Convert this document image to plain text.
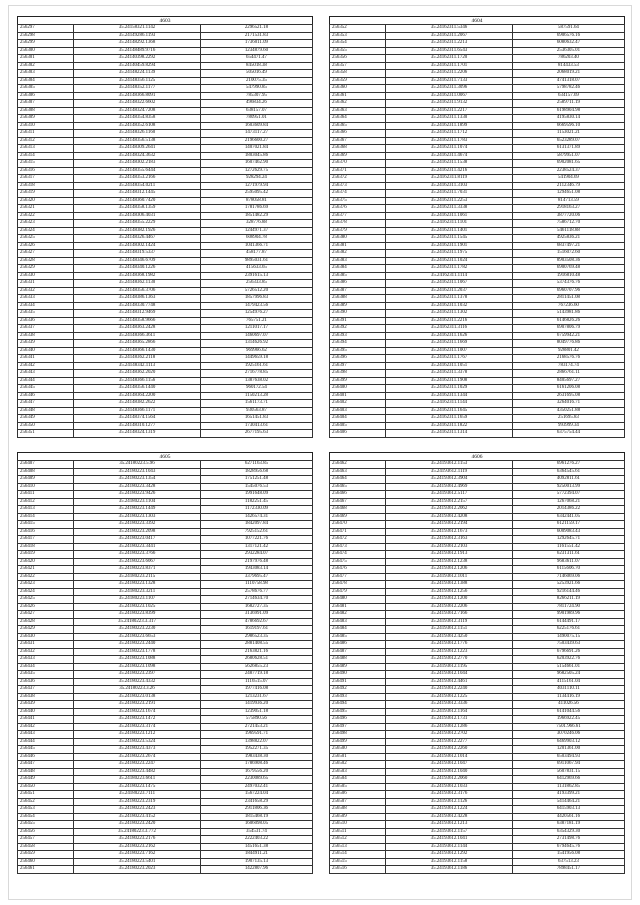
4603
256297	35.24158321.1142	2296521.18
256298	35.24149286.1193	2171531.83
256299	35.24148292.1368	1736011.09
256300	35.24148489.9716	1234879.60
256301	35.24140398.2292	654471.47
256302	35.24140459.8294	845018.38
256303	35.24148224.1139	505016.49
256304	35.24148356.1125	210075.35
256305	35.24148352.1177	547990.85
256306	35.24148366.8091	785307.95
256307	35.24148322.6602	496834.26
256308	35.24148324.7208	638157.07
256309	35.24148354.8358	780951.01
256310	35.24148352.6108	1603609.84
256311	35.24148326.1160	1473117.27
256312	35.24148356.5138	2196600.27
256313	35.24148309.2641	1407021.84
256314	35.24148324.3632	1803045.86
256315	35.24148302.2183	1607462.90
256316	35.24148355.6444	1272629.75
256317	35.24148353.2166	928294.24
256318	35.24148354.0211	1271979.94
256319	35.24148312.1445	2595095.42
256320	35.24148360.7420	878058.81
256321	35.24148358.1359	1781786.69
256322	35.24148306.4031	1851482.29
256323	35.24148355.2229	328776.88
256324	35.24148382.1926	1244971.37
256325	35.24148326.4467	608904.78
256326	35.24148302.1424	1041366.71
256327	35.24148319.5337	458177.87
256328	35.24148346.6709	9895031.61
256329	35.24148340.1226	415633.65
256330	35.24148368.1982	2391615.13
256331	35.24148362.1130	256333.85
256332	35.24148356.3706	5726512.20
256333	35.24148386.1363	1857996.83
256334	35.24148330.7748	1479423.56
256335	35.24148312.9469	1254976.27
256336	35.24148358.9666	765751.21
256337	35.24148363.2428	1211017.17
256338	35.24148366.3611	1460697.07
256339	35.24148365.2866	1314626.92
256340	35.24148366.1430	969966.62
256341	35.24148362.2118	1449659.18
256342	35.24148342.1113	1925161.61
256343	35.24148362.2020	2716778.85
256344	35.24148366.1156	1387638.02
256345	35.24148356.1440	960172.54
256346	35.24148364.2200	1150213.28
256347	35.24148382.2622	1561173.71
256348	35.24148366.1171	930563.87
256349	35.24148374.1564	1651451.83
256350	35.24148310.1277	1730413.61
256351	35.24148324.1319	2677195.63
4604
256352	35.24162311.5346	587591.64
256353	35.24162311.2067	6906576.16
256354	35.24162311.2213	6080632.47
256355	35.24162311.6543	2536305.01
256356	35.24162311.1720	786203.40
256357	35.24162311.1701	814433.53
256358	35.24162311.2206	2068019.21
256359	35.24162311.7133	4741318.07
256360	35.24162311.3096	5798782.46
256361	35.24162311.0067	634157.69
256362	35.24162311.9132	2589711.19
256363	35.24162311.2217	6198904.98
256364	35.24162311.1330	4195830.14
256365	35.24162311.1899	6669596.10
256366	35.24162311.1712	1153021.21
256367	35.24162311.1783	6523289.07
256368	35.24162311.1074	6131371.89
256369	35.24162311.4674	5879951.07
256370	35.24162311.1538	6902081.65
256371	35.24162311.4216	2238524.37
256372	35.24162311.8119	541904.69
256373	35.24162311.3103	2112346.79
256374	35.24162311.7031	1294651.08
256375	35.24162311.2253	814713.59
256376	35.24162311.3338	2918163.27
256377	35.24162311.1061	3877720.06
256378	35.24162311.1101	7586712.70
256379	35.24162311.1401	5461118.88
256380	35.24162311.1545	4925836.21
256381	35.24162311.1901	6837497.21
256382	35.24162311.1975	1516072.60
256383	35.24162311.1024	8903508.36
256384	35.24162311.1782	6900769.48
256385	35.24162311.1114	1916810.48
256386	35.24162311.1067	5374376.76
256387	35.24162311.2037	6960707.96
256388	35.24162311.1378	2811451.08
256389	35.24162311.1032	767236.60
256390	35.24162311.1302	5143981.86
256391	35.24162311.2216	6146826.26
256392	35.24162311.3116	6907806.79
256393	35.24162311.1626	6759942.21
256394	35.24162311.1669	8049776.86
256395	35.24162311.1007	928801.42
256396	35.24162311.1767	2168576.76
256397	35.24162311.1051	783174.74
256398	35.24162311.3378	2866761.11
256399	35.24162311.1908	8405697.27
256400	35.24162311.1029	6161206.08
256401	35.24162311.1344	2631695.08
256402	35.24162311.1144	3264016.71
256403	35.24162311.1645	4350251.88
256404	35.24162311.1659	251695.83
256405	35.24162311.1822	993999.34
256406	35.24162311.1314	6375754.44
4605
256407	35.24180223.5.96	6271163.85
256408	35.24180223.1043	1828956.68
256409	35.24180223.1354	1751251.48
256410	35.24180223.3428	1545076.53
256411	35.24180223.9426	1991648.09
256412	35.24180223.1104	1182251.45
256413	35.24180223.1449	1172330.09
256414	35.24180223.1303	1426574.31
256415	35.24180223.3392	1842097.84
256416	35.24180223.2098	7925152.61
256417	35.24180223.0417	1077221.76
256418	35.24180223.3441	1317121.42
256419	35.24180223.3766	2932284.07
256420	35.24180223.6067	2197976.48
256421	35.24180223.8371	1943083.14
256422	35.24180223.2115	3379695.47
256423	35.24180223.1328	1110758.98
256424	35.24180223.3211	2578676.77
256425	35.24180223.1107	2714634.70
256426	35.24180223.1025	1682727.35
256427	35.24180223.8399	3136991.09
256428	35.24180223.3.317	4786692.67
256429	35.24180223.2230	1619197.61
256430	35.24180223.6653	2986523.35
256431	35.24180223.2440	2881408.55
256432	35.24180223.1778	2163821.16
256433	35.24180223.1088	2680628.51
256434	35.24180223.1098	5626855.23
256435	35.24180223.2397	2487719.18
256436	35.24180223.4332	1116515.07
256437	35.24180223.3.26	1977416.08
256438	35.24180223.0138	1213231.67
256439	35.24180223.2191	1419936.20
256440	35.24180223.1674	1239051.18
256441	35.24180223.1472	575890.56
256442	35.24180223.3174	2721453.21
256443	35.24180223.1212	1969591.71
256444	35.24180223.5324	1398822.07
256445	35.24180223.4373	1952271.35
256446	35.24180223.2674	1983438.30
256447	35.24180223.2247	1786908.46
256448	35.24180223.4482	1679556.20
256449	35.24180223.6611	2230089.65
256450	35.24180223.1475	2497032.41
256451	35.24180223.7111	1567224.04
256452	35.24180223.2319	2341658.29
256453	35.24180223.2423	2911806.36
256454	35.24180223.4152	1815468.19
256455	35.24180223.2420	1606098.05
256456	35.24180223.3.772	354531.74
256457	35.24180223.2176	2222403.22
256458	35.24180223.2162	1451651.38
256459	35.24180223.7162	1844911.21
256460	35.24180223.5401	1907135.13
256461	35.24180223.2023	1422807.96
4606
256462	35.24193612.1153	6961276.27
256463	35.24193612.1119	6364545.61
256464	35.24193612.3904	4092811.61
256465	35.24193612.4969	9250013.99
256466	35.24193612.5117	5772394.07
256467	35.24193612.2157	1267068.21
256468	35.24193612.2062	2014386.22
256469	35.24193612.4208	6342441.05
256470	35.24193612.2194	6121159.17
256471	35.24193612.1673	6009083.43
256472	35.24193612.3163	1292645.71
256473	35.24193612.2103	1161551.42
256474	35.24193612.1913	6231311.61
256475	35.24193612.1238	9683611.07
256476	35.24193612.1206	6115606.70
256477	35.24193612.1011	7146069.06
256478	35.24193612.1388	5253921.66
256479	35.24193612.1256	9216144.46
256480	35.24193612.1200	8266211.19
256481	35.24193612.2206	7811724.90
256482	35.24193612.7166	9901989.96
256483	35.24193612.3119	6144491.17
256484	35.24193612.1151	6225176.61
256485	35.24193612.4250	1490075.15
256486	35.24193612.1776	7503439.63
256487	35.24193612.1223	6796691.26
256488	35.24193612.2770	6203922.76
256489	35.24193612.1195	5154661.01
256490	35.24193612.1044	9682505.24
256491	35.24193612.4461	4115161.04
256492	35.24193612.2240	4031110.11
256493	35.24193612.1225	1134416.19
256494	35.24193612.3336	411026.56
256495	35.24193612.1164	6141044.56
256496	35.24193612.1731	1966922.45
256497	35.24193612.1286	7501.966.61
256498	35.24193612.2702	3070246.06
256499	35.24193612.2277	6469903.12
256500	35.24193612.2260	1201361.00
256501	35.24193612.1014	6503494.93
256502	35.24193612.1047	6911067.94
256503	35.24193612.1040	5607831.15
256504	35.24193612.2060	6412969.66
256505	35.24193612.1033	1131862.85
256506	35.24193612.3176	4193399.21
256507	35.24193612.1126	5414464.21
256508	35.24193612.1224	6415903.13
256509	35.24193612.4228	4420561.16
256510	35.24193612.1213	6387181.19
256511	35.24193612.1157	6354329.30
256512	35.24193612.1041	2731498.76
256513	35.24193612.1144	6794645.76
256514	35.24193612.1292	1541956.08
256515	35.24193612.1158	637513.23
256516	35.24193612.1186	7898451.17
